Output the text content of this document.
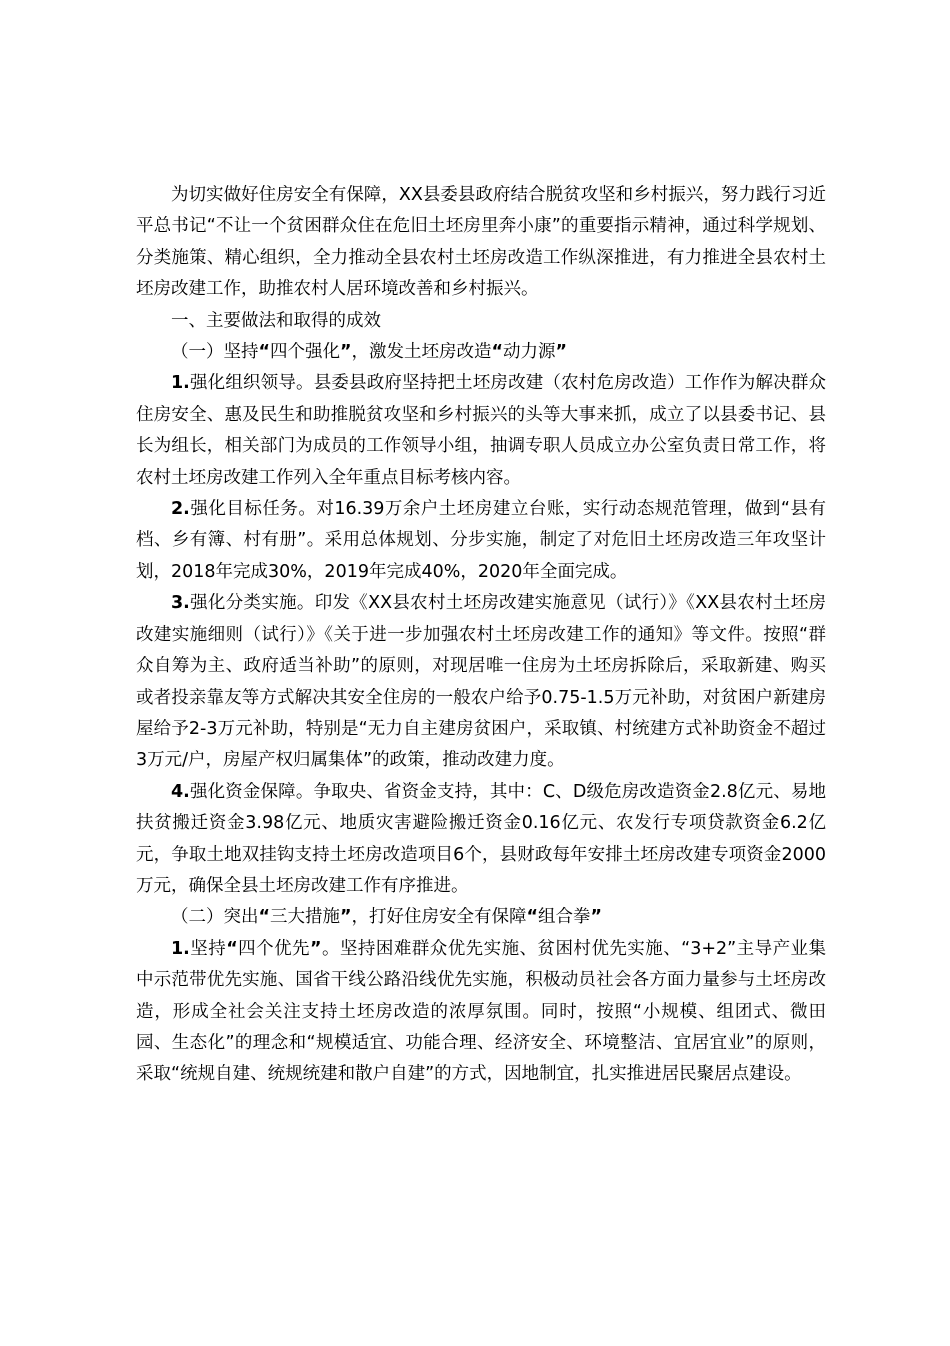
为切实做好住房安全有保障，XX县委县政府结合脱贫攻坚和乡村振兴，努力践行习近平总书记“不让一个贫困群众住在危旧土坯房里奔小康”的重要指示精神，通过科学规划、分类施策、精心组织，全力推动全县农村土坯房改造工作纵深推进，有力推进全县农村土坯房改建工作，助推农村人居环境改善和乡村振兴。

一、主要做法和取得的成效

（一）坚持“四个强化”，激发土坯房改造“动力源”

1.强化组织领导。县委县政府坚持把土坯房改建（农村危房改造）工作作为解决群众住房安全、惠及民生和助推脱贫攻坚和乡村振兴的头等大事来抓，成立了以县委书记、县长为组长，相关部门为成员的工作领导小组，抽调专职人员成立办公室负责日常工作，将农村土坯房改建工作列入全年重点目标考核内容。

2.强化目标任务。对16.39万余户土坯房建立台账，实行动态规范管理，做到“县有档、乡有簿、村有册”。采用总体规划、分步实施，制定了对危旧土坯房改造三年攻坚计划，2018年完成30%，2019年完成40%，2020年全面完成。

3.强化分类实施。印发《XX县农村土坯房改建实施意见（试行）》《XX县农村土坯房改建实施细则（试行）》《关于进一步加强农村土坯房改建工作的通知》等文件。按照“群众自筹为主、政府适当补助”的原则，对现居唯一住房为土坯房拆除后，采取新建、购买或者投亲靠友等方式解决其安全住房的一般农户给予0.75-1.5万元补助，对贫困户新建房屋给予2-3万元补助，特别是“无力自主建房贫困户，采取镇、村统建方式补助资金不超过3万元/户，房屋产权归属集体”的政策，推动改建力度。

4.强化资金保障。争取央、省资金支持，其中：C、D级危房改造资金2.8亿元、易地扶贫搬迁资金3.98亿元、地质灾害避险搬迁资金0.16亿元、农发行专项贷款资金6.2亿元，争取土地双挂钩支持土坯房改造项目6个，县财政每年安排土坯房改建专项资金2000万元，确保全县土坯房改建工作有序推进。

（二）突出“三大措施”，打好住房安全有保障“组合拳”

1.坚持“四个优先”。坚持困难群众优先实施、贫困村优先实施、“3+2”主导产业集中示范带优先实施、国省干线公路沿线优先实施，积极动员社会各方面力量参与土坯房改造，形成全社会关注支持土坯房改造的浓厚氛围。同时，按照“小规模、组团式、微田园、生态化”的理念和“规模适宜、功能合理、经济安全、环境整洁、宜居宜业”的原则，采取“统规自建、统规统建和散户自建”的方式，因地制宜，扎实推进居民聚居点建设。
